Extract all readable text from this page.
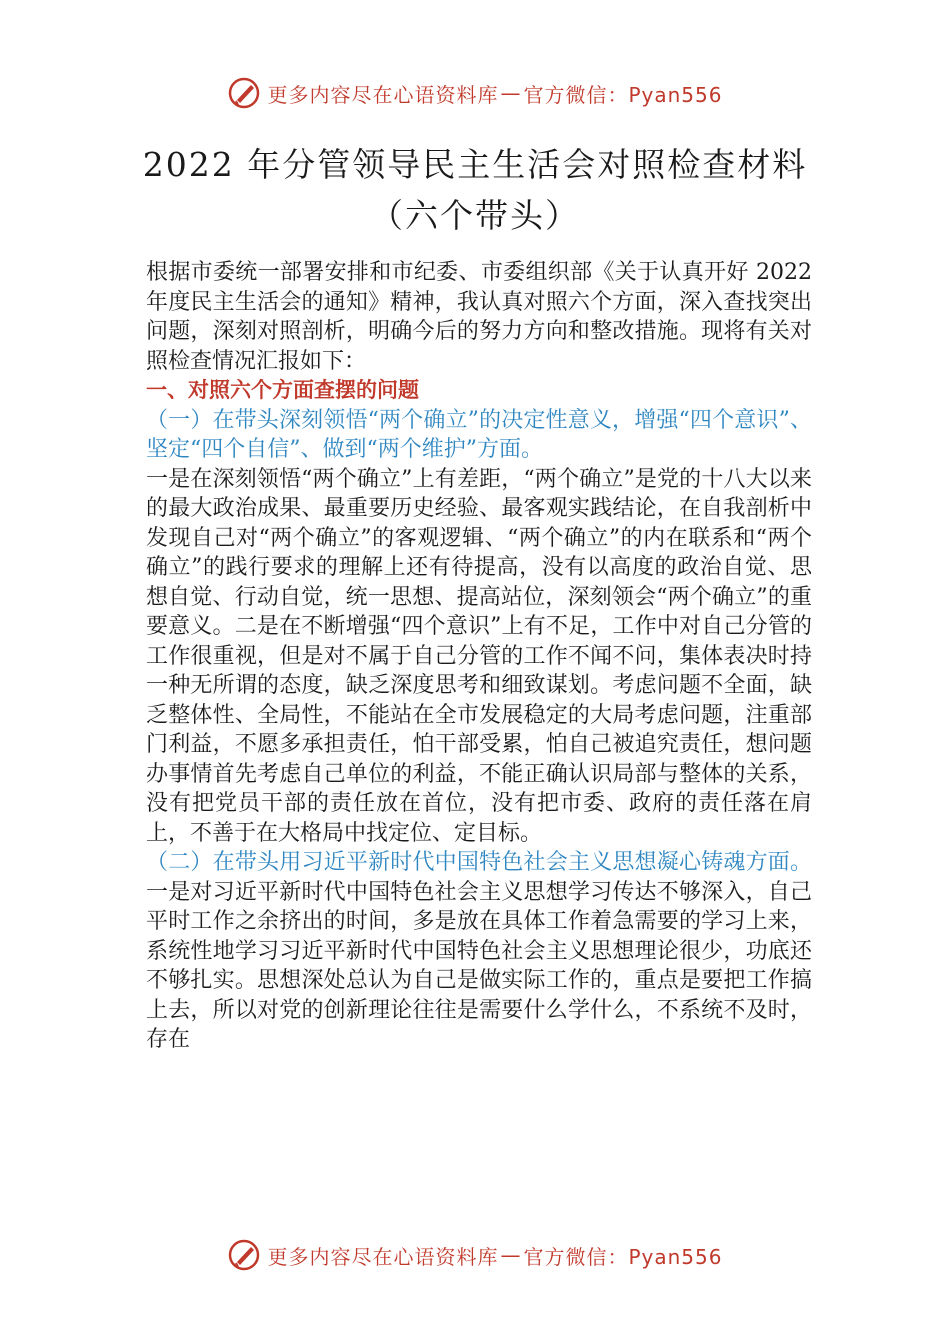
更多内容尽在心语资料库 — 官方微信：Pyan556
2022 年分管领导民主生活会对照检查材料
（六个带头）

根据市委统一部署安排和市纪委、市委组织部《关于认真开好 2022 年度民主生活会的通知》精神，我认真对照六个方面，深入查找突出问题，深刻对照剖析，明确今后的努力方向和整改措施。现将有关对照检查情况汇报如下：

一、对照六个方面查摆的问题

（一）在带头深刻领悟“两个确立”的决定性意义，增强“四个意识”、坚定“四个自信”、做到“两个维护”方面。

一是在深刻领悟“两个确立”上有差距，“两个确立”是党的十八大以来的最大政治成果、最重要历史经验、最客观实践结论，在自我剖析中发现自己对“两个确立”的客观逻辑、“两个确立”的内在联系和“两个确立”的践行要求的理解上还有待提高，没有以高度的政治自觉、思想自觉、行动自觉，统一思想、提高站位，深刻领会“两个确立”的重要意义。二是在不断增强“四个意识”上有不足，工作中对自己分管的工作很重视，但是对不属于自己分管的工作不闻不问，集体表决时持一种无所谓的态度，缺乏深度思考和细致谋划。考虑问题不全面，缺乏整体性、全局性，不能站在全市发展稳定的大局考虑问题，注重部门利益，不愿多承担责任，怕干部受累，怕自己被追究责任，想问题办事情首先考虑自己单位的利益，不能正确认识局部与整体的关系，没有把党员干部的责任放在首位，没有把市委、政府的责任落在肩上，不善于在大格局中找定位、定目标。

（二）在带头用习近平新时代中国特色社会主义思想凝心铸魂方面。一是对习近平新时代中国特色社会主义思想学习传达不够深入，自己平时工作之余挤出的时间，多是放在具体工作着急需要的学习上来，系统性地学习习近平新时代中国特色社会主义思想理论很少，功底还不够扎实。思想深处总认为自己是做实际工作的，重点是要把工作搞上去，所以对党的创新理论往往是需要什么学什么，不系统不及时，存在

更多内容尽在心语资料库 — 官方微信：Pyan556
